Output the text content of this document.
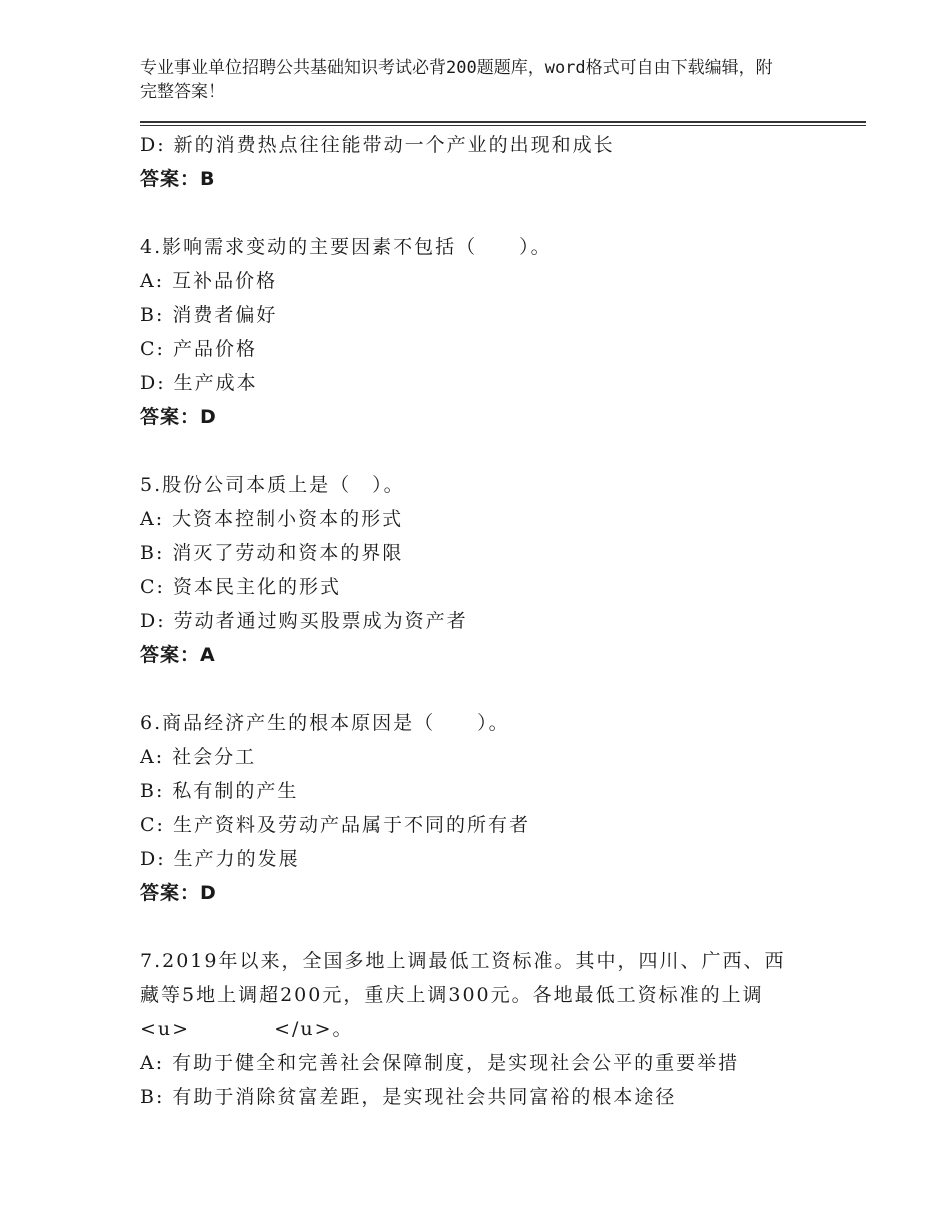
专业事业单位招聘公共基础知识考试必背200题题库，word格式可自由下载编辑，附完整答案！
D: 新的消费热点往往能带动一个产业的出现和成长
答案：B
4.影响需求变动的主要因素不包括（　　）。
A: 互补品价格
B: 消费者偏好
C: 产品价格
D: 生产成本
答案：D
5.股份公司本质上是（　）。
A: 大资本控制小资本的形式
B: 消灭了劳动和资本的界限
C: 资本民主化的形式
D: 劳动者通过购买股票成为资产者
答案：A
6.商品经济产生的根本原因是（　　）。
A: 社会分工
B: 私有制的产生
C: 生产资料及劳动产品属于不同的所有者
D: 生产力的发展
答案：D
7.2019年以来，全国多地上调最低工资标准。其中，四川、广西、西藏等5地上调超200元，重庆上调300元。各地最低工资标准的上调<u>　　　　</u>。
A: 有助于健全和完善社会保障制度，是实现社会公平的重要举措
B: 有助于消除贫富差距，是实现社会共同富裕的根本途径
